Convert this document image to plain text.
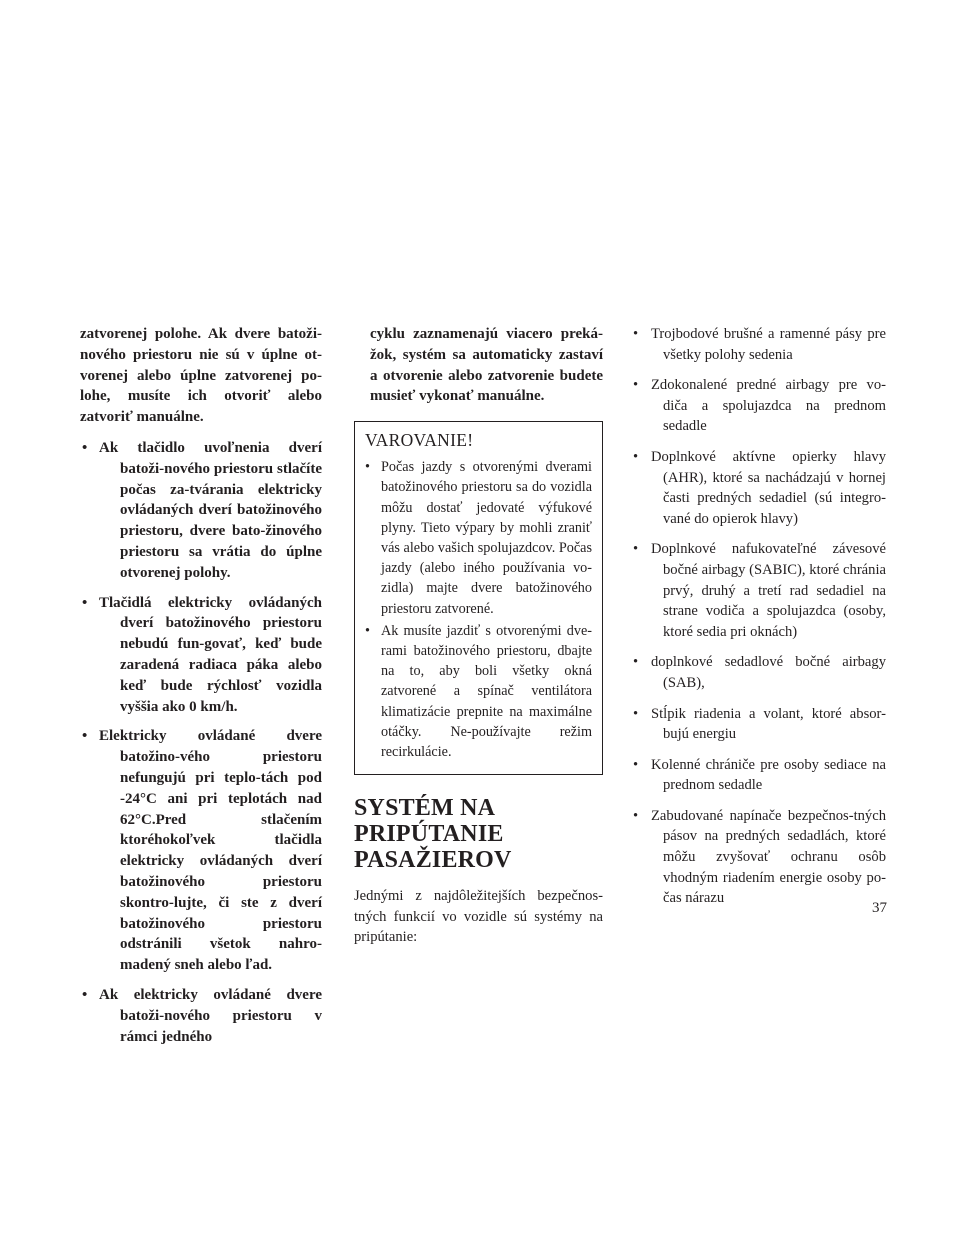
zatvorenej polohe. Ak dvere batoži-nového priestoru nie sú v úplne ot-vorenej alebo úplne zatvorenej po-lohe, musíte ich otvoriť alebo zatvoriť manuálne.
• Ak tlačidlo uvoľnenia dverí batoži-nového priestoru stlačíte počas za-tvárania elektricky ovládaných dverí batožinového priestoru, dvere bato-žinového priestoru sa vrátia do úplne otvorenej polohy.
• Tlačidlá elektricky ovládaných dverí batožinového priestoru nebudú fun-govať, keď bude zaradená radiaca páka alebo keď bude rýchlosť vozidla vyššia ako 0 km/h.
• Elektricky ovládané dvere batožino-vého priestoru nefungujú pri teplo-tách pod -24°C ani pri teplotách nad 62°C.Pred stlačením ktoréhokoľvek tlačidla elektricky ovládaných dverí batožinového priestoru skontro-lujte, či ste z dverí batožinového priestoru odstránili všetok nahro-madený sneh alebo ľad.
• Ak elektricky ovládané dvere batoži-nového priestoru v rámci jedného
cyklu zaznamenajú viacero preká-žok, systém sa automaticky zastaví a otvorenie alebo zatvorenie budete musieť vykonať manuálne.
VAROVANIE!
• Počas jazdy s otvorenými dverami batožinového priestoru sa do vozidla môžu dostať jedovaté výfukové plyny. Tieto výpary by mohli zraniť vás alebo vašich spolujazdcov. Počas jazdy (alebo iného používania vo-zidla) majte dvere batožinového priestoru zatvorené.
• Ak musíte jazdiť s otvorenými dve-rami batožinového priestoru, dbajte na to, aby boli všetky okná zatvorené a spínač ventilátora klimatizácie prepnite na maximálne otáčky. Ne-používajte režim recirkulácie.
SYSTÉM NA PRIPÚTANIE PASAŽIEROV

Jednými z najdôležitejších bezpečnos-tných funkcií vo vozidle sú systémy na pripútanie:

• Trojbodové brušné a ramenné pásy pre všetky polohy sedenia
• Zdokonalené predné airbagy pre vo-diča a spolujazdca na prednom sedadle
• Doplnkové aktívne opierky hlavy (AHR), ktoré sa nachádzajú v hornej časti predných sedadiel (sú integro-vané do opierok hlavy)
• Doplnkové nafukovateľné závesové bočné airbagy (SABIC), ktoré chránia prvý, druhý a tretí rad sedadiel na strane vodiča a spolujazdca (osoby, ktoré sedia pri oknách)
• doplnkové sedadlové bočné airbagy (SAB),
• Stĺpik riadenia a volant, ktoré absor-bujú energiu
• Kolenné chrániče pre osoby sediace na prednom sedadle
• Zabudované napínače bezpečnos-tných pásov na predných sedadlách, ktoré môžu zvyšovať ochranu osôb vhodným riadením energie osoby po-čas nárazu
37
